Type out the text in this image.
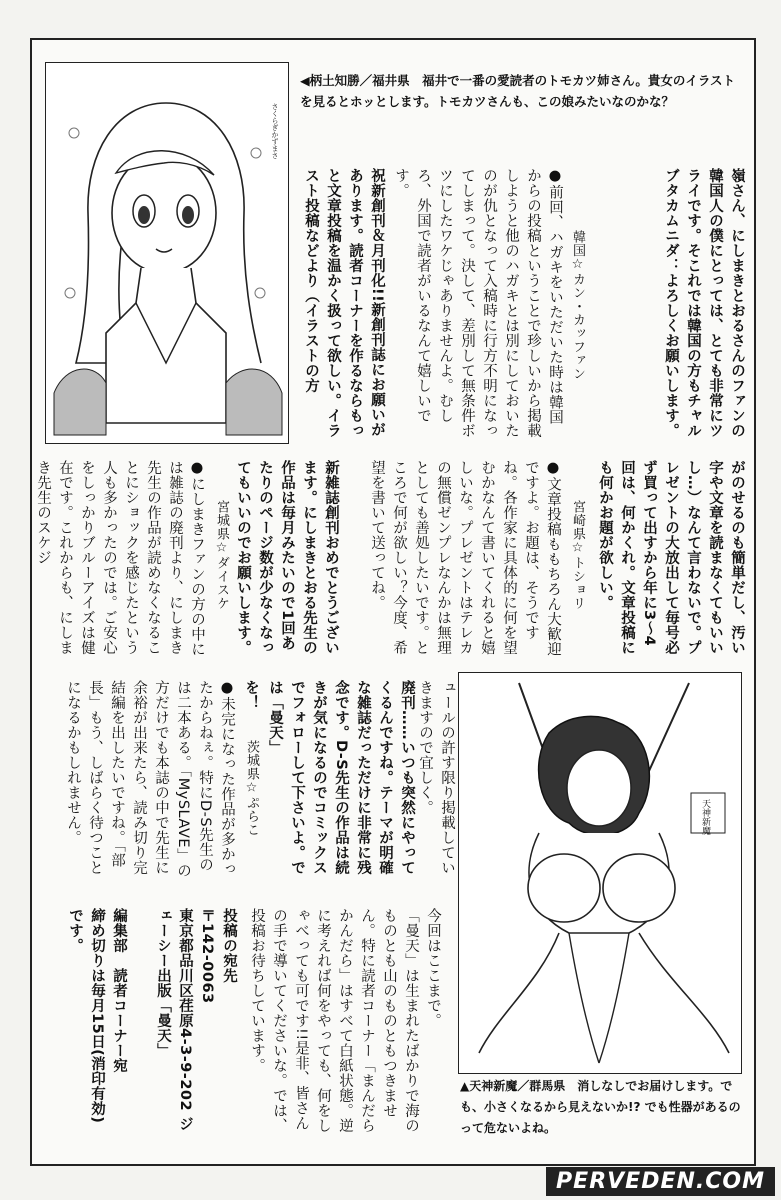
さくらぎかずまさ
◀柄土知勝／福井県　福井で一番の愛読者のトモカツ姉さん。貴女のイラストを見るとホッとします。トモカツさんも、この娘みたいなのかな？
嶺さん、にしまきとおるさんのファンの韓国人の僕にとっては、とても非常にツライです。そこれでは韓国の方もチャルブタカムニダ：よろしくお願いします。
韓国☆カン・カッファン
●前回、ハガキをいただいた時は韓国からの投稿ということで珍しいから掲載しようと他のハガキとは別にしておいたのが仇となって入稿時に行方不明になってしまって。決して、差別して無条件ボツにしたワケじゃありませんよ。むしろ、外国で読者がいるなんて嬉しいです。
祝新創刊＆月刊化!!新創刊誌にお願いがあります。読者コーナーを作るならもっと文章投稿を温かく扱って欲しい。イラスト投稿などより（イラストの方
がのせるのも簡単だし、汚い字や文章を読まなくてもいいし…）なんて言わないで。プレゼントの大放出して毎号必ず買って出すから年に3～4回は、何かくれ。文章投稿にも何かお題が欲しい。
宮崎県☆トショリ
●文章投稿ももちろん大歓迎ですよ。お題は、そうですね。各作家に具体的に何を望むかなんて書いてくれると嬉しいな。プレゼントはテレカの無償ゼンプレなんかは無理としても善処したいです。ところで何が欲しい？今度、希望を書いて送ってね。
新雑誌創刊おめでとうございます。にしまきとおる先生の作品は毎月みたいので1回あたりのページ数が少なくなってもいいのでお願いします。
宮城県☆ダイスケ
●にしまきファンの方の中には雑誌の廃刊より、にしまき先生の作品が読めなくなることにショックを感じたという人も多かったのでは。ご安心をしっかりブルーアイズは健在です。これからも、にしまき先生のスケジ
天神新魔
▲天神新魔／群馬県　消しなしでお届けします。でも、小さくなるから見えないか!? でも性器があるのって危ないよね。
ュールの許す限り掲載していきますので宜しく。
廃刊……いつも突然にやってくるんですね。テーマが明確な雑誌だっただけに非常に残念です。D-S先生の作品は続きが気になるのでコミックスでフォローして下さいよ。では「曼天」
を！
茨城県☆ぷらこ
●未完になった作品が多かったからねぇ。特にD-S先生のは二本ある。「MySLAVE」の方だけでも本誌の中で先生に余裕が出来たら、読み切り完結編を出したいですね。「部長」もう、しばらく待つことになるかもしれません。
投稿の宛先
〒142-0063
東京都品川区荏原4-3-9-202 ジェーシー出版「曼天」
編集部　読者コーナー宛
締め切りは毎月15日(消印有効)です。	今回はここまで。
「曼天」は生まれたばかりで海のものとも山のものともつきません。特に読者コーナー「まんだらかんだら」はすべて白紙状態。逆に考えれば何をやっても、何をしゃべっても可です!!是非、皆さんの手で導いてくださいな。では、投稿お待ちしています。
PERVEDEN.COM
